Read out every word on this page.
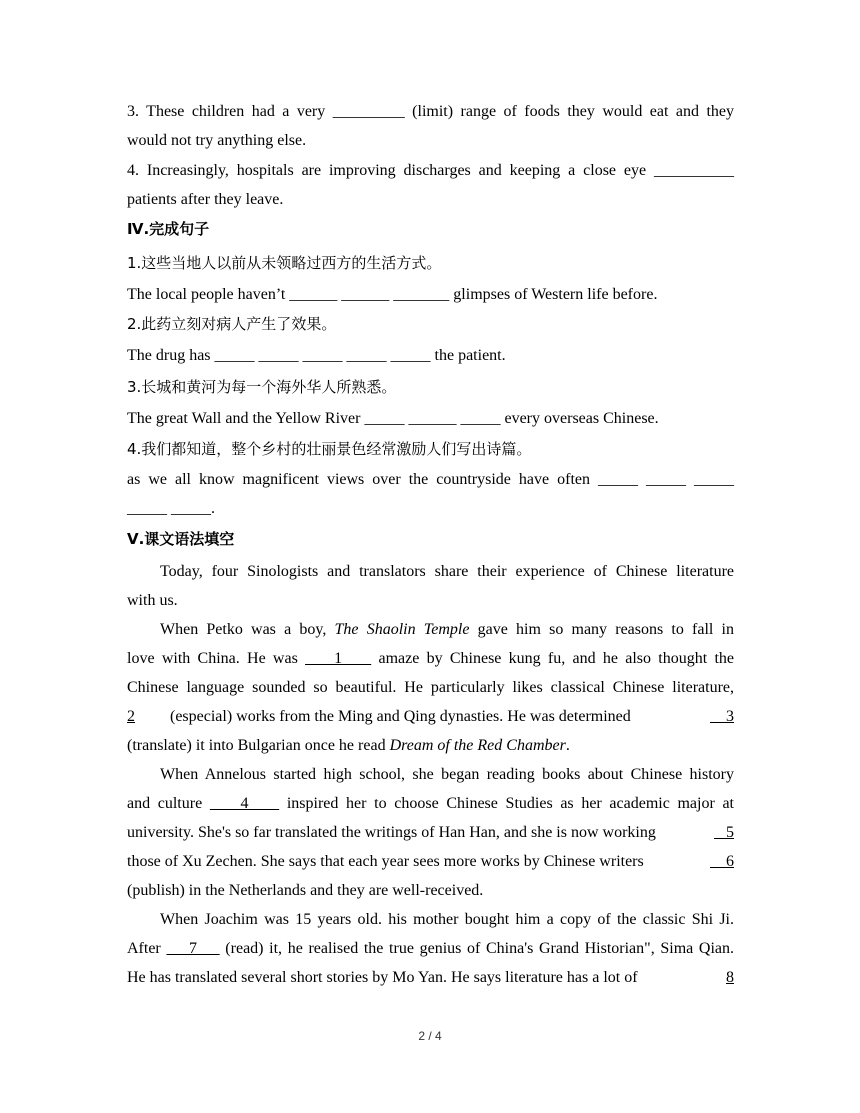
3. These children had a very _________ (limit) range of foods they would eat and they
would not try anything else.
4. Increasingly, hospitals are improving discharges and keeping a close eye __________
patients after they leave.
Ⅳ.完成句子
1.这些当地人以前从未领略过西方的生活方式。
The local people haven’t ______ ______ _______ glimpses of Western life before.
2.此药立刻对病人产生了效果。
The drug has _____ _____ _____ _____ _____ the patient.
3.长城和黄河为每一个海外华人所熟悉。
The great Wall and the Yellow River _____ ______ _____ every overseas Chinese.
4.我们都知道，整个乡村的壮丽景色经常激励人们写出诗篇。
as we all know magnificent views over the countryside have often _____ _____ _____
_____ _____.
Ⅴ.课文语法填空
Today, four Sinologists and translators share their experience of Chinese literature
with us.
When Petko was a boy, The Shaolin Temple gave him so many reasons to fall in
love with China. He was     1     amaze by Chinese kung fu, and he also thought the
Chinese language sounded so beautiful. He particularly likes classical Chinese literature,
2 (especial) works from the Ming and Qing dynasties. He was determined	3
(translate) it into Bulgarian once he read Dream of the Red Chamber.
When Annelous started high school, she began reading books about Chinese history
and culture     4     inspired her to choose Chinese Studies as her academic major at
university. She's so far translated the writings of Han Han, and she is now working	5
those of Xu Zechen. She says that each year sees more works by Chinese writers	6
(publish) in the Netherlands and they are well-received.
When Joachim was 15 years old. his mother bought him a copy of the classic Shi Ji.
After     7     (read) it, he realised the true genius of China's Grand Historian", Sima Qian.
He has translated several short stories by Mo Yan. He says literature has a lot of	8
2 / 4
